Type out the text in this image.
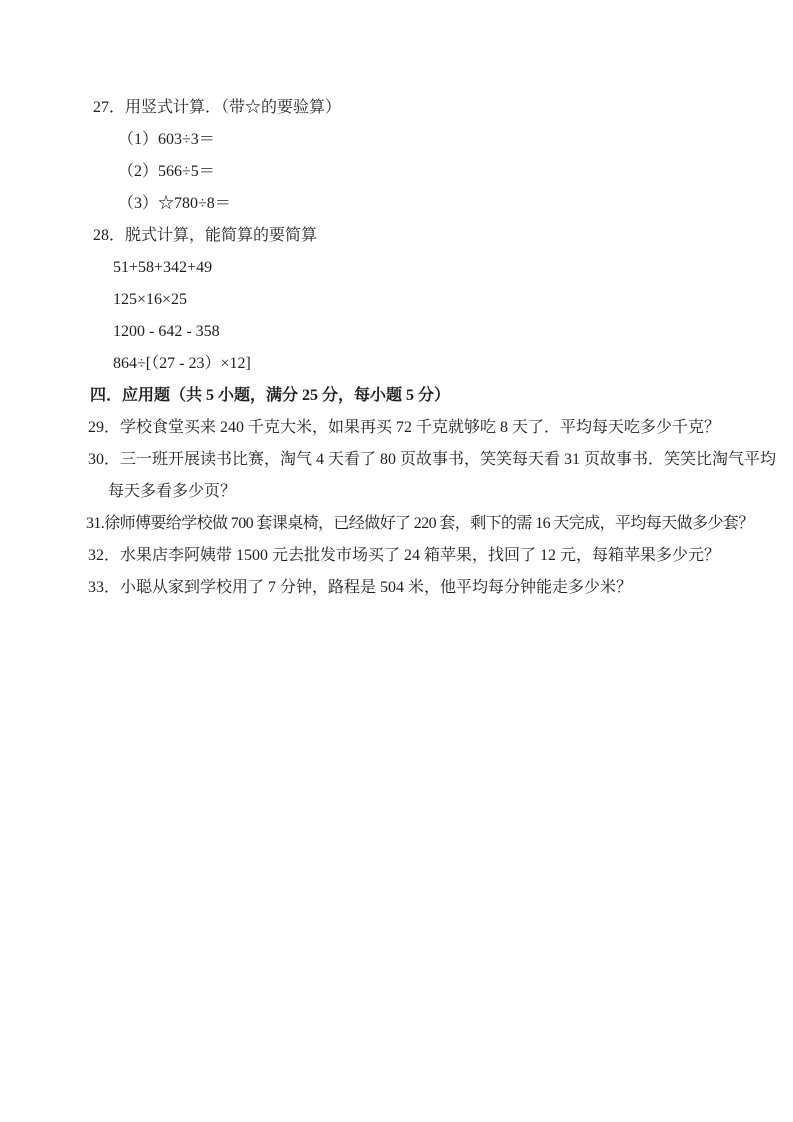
27．用竖式计算．（带☆的要验算）
（1）603÷3＝
（2）566÷5＝
（3）☆780÷8＝
28．脱式计算，能简算的要简算
51+58+342+49
125×16×25
1200 - 642 - 358
864÷[（27 - 23）×12]
四．应用题（共 5 小题，满分 25 分，每小题 5 分）
29．学校食堂买来 240 千克大米，如果再买 72 千克就够吃 8 天了．平均每天吃多少千克？
30．三一班开展读书比赛，淘气 4 天看了 80 页故事书，笑笑每天看 31 页故事书．笑笑比淘气平均
每天多看多少页？
31.徐师傅要给学校做 700 套课桌椅，已经做好了 220 套，剩下的需 16 天完成，平均每天做多少套？
32．水果店李阿姨带 1500 元去批发市场买了 24 箱苹果，找回了 12 元，每箱苹果多少元？
33．小聪从家到学校用了 7 分钟，路程是 504 米，他平均每分钟能走多少米？
